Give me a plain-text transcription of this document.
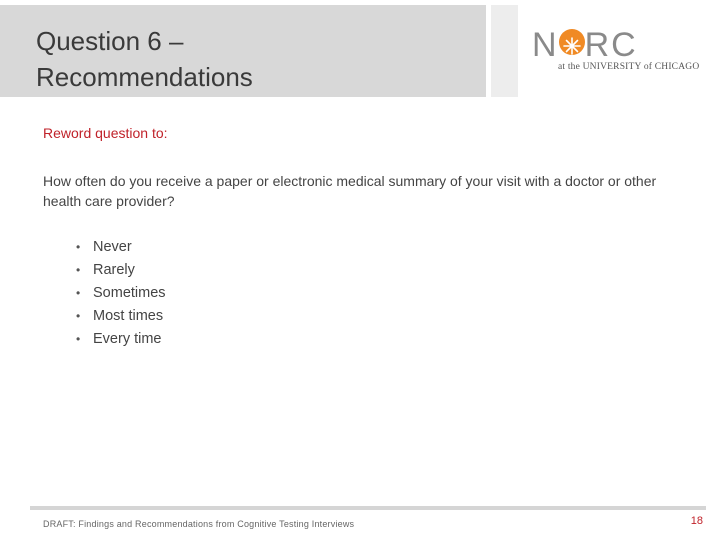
Question 6 –
Recommendations
N RC
at the UNIVERSITY of CHICAGO
Reword question to:
How often do you receive a paper or electronic medical summary of your visit with a doctor or other health care provider?
• Never
• Rarely
• Sometimes
• Most times
• Every time
DRAFT: Findings and Recommendations from Cognitive Testing Interviews	18
